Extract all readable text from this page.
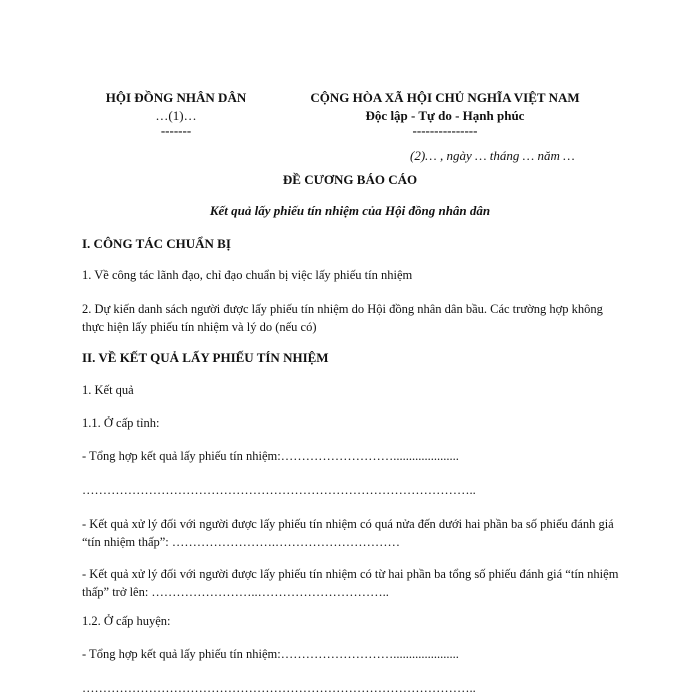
HỘI ĐỒNG NHÂN DÂN
…(1)…
-------
CỘNG HÒA XÃ HỘI CHỦ NGHĨA VIỆT NAM
Độc lập - Tự do - Hạnh phúc
---------------
(2)… , ngày … tháng … năm …
ĐỀ CƯƠNG BÁO CÁO
Kết quả lấy phiếu tín nhiệm của Hội đồng nhân dân
I. CÔNG TÁC CHUẨN BỊ
1. Về công tác lãnh đạo, chỉ đạo chuẩn bị việc lấy phiếu tín nhiệm
2. Dự kiến danh sách người được lấy phiếu tín nhiệm do Hội đồng nhân dân bầu. Các trường hợp không thực hiện lấy phiếu tín nhiệm và lý do (nếu có)
II. VỀ KẾT QUẢ LẤY PHIẾU TÍN NHIỆM
1. Kết quả
1.1. Ở cấp tỉnh:
- Tổng hợp kết quả lấy phiếu tín nhiệm:……………………….....................
…………………………………………………………………………………..
- Kết quả xử lý đối với người được lấy phiếu tín nhiệm có quá nửa đến dưới hai phần ba số phiếu đánh giá “tín nhiệm thấp”: …………………….…………………………
- Kết quả xử lý đối với người được lấy phiếu tín nhiệm có từ hai phần ba tổng số phiếu đánh giá “tín nhiệm thấp” trở lên: ……………………..…………………………..
1.2. Ở cấp huyện:
- Tổng hợp kết quả lấy phiếu tín nhiệm:……………………….....................
…………………………………………………………………………………..
